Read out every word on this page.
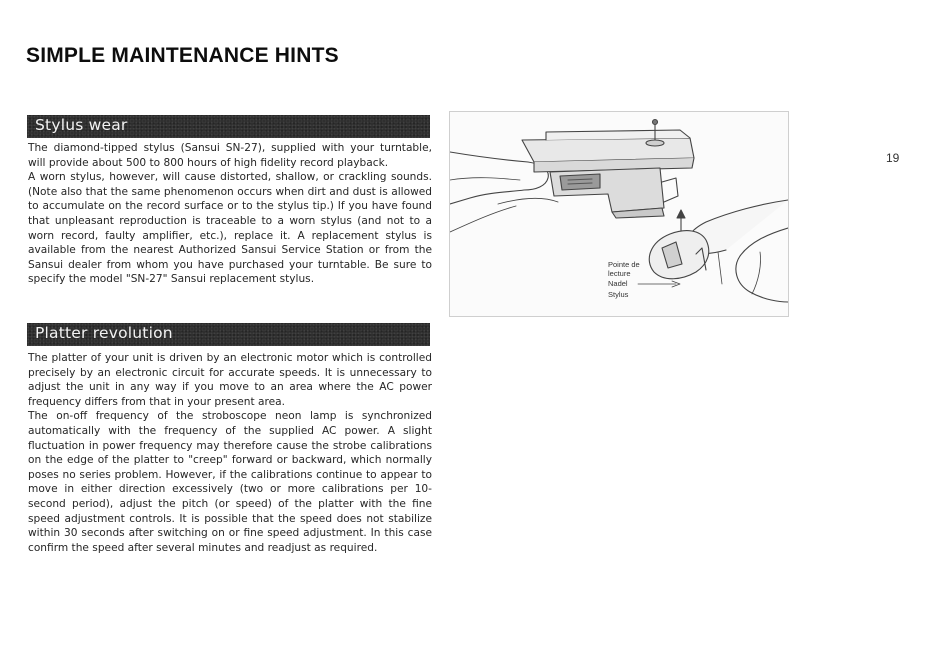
SIMPLE MAINTENANCE HINTS
Stylus wear
The diamond-tipped stylus (Sansui SN-27), supplied with your turntable, will provide about 500 to 800 hours of high fidelity record playback.
A worn stylus, however, will cause distorted, shallow, or crackling sounds. (Note also that the same phenomenon occurs when dirt and dust is allowed to accumulate on the record surface or to the stylus tip.) If you have found that unpleasant reproduction is traceable to a worn stylus (and not to a worn record, faulty amplifier, etc.), replace it. A replacement stylus is available from the nearest Authorized Sansui Service Station or from the Sansui dealer from whom you have purchased your turntable. Be sure to specify the model "SN-27" Sansui replacement stylus.
Platter revolution
The platter of your unit is driven by an electronic motor which is controlled precisely by an electronic circuit for accurate speeds. It is unnecessary to adjust the unit in any way if you move to an area where the AC power frequency differs from that in your present area.
The on-off frequency of the stroboscope neon lamp is synchronized automatically with the frequency of the supplied AC power. A slight fluctuation in power frequency may therefore cause the strobe calibrations on the edge of the platter to "creep" forward or backward, which normally poses no series problem. However, if the calibrations continue to appear to move in either direction excessively (two or more calibrations per 10-second period), adjust the pitch (or speed) of the platter with the fine speed adjustment controls. It is possible that the speed does not stabilize within 30 seconds after switching on or fine speed adjustment. In this case confirm the speed after several minutes and readjust as required.
19
Pointe de lecture
Nadel
Stylus
